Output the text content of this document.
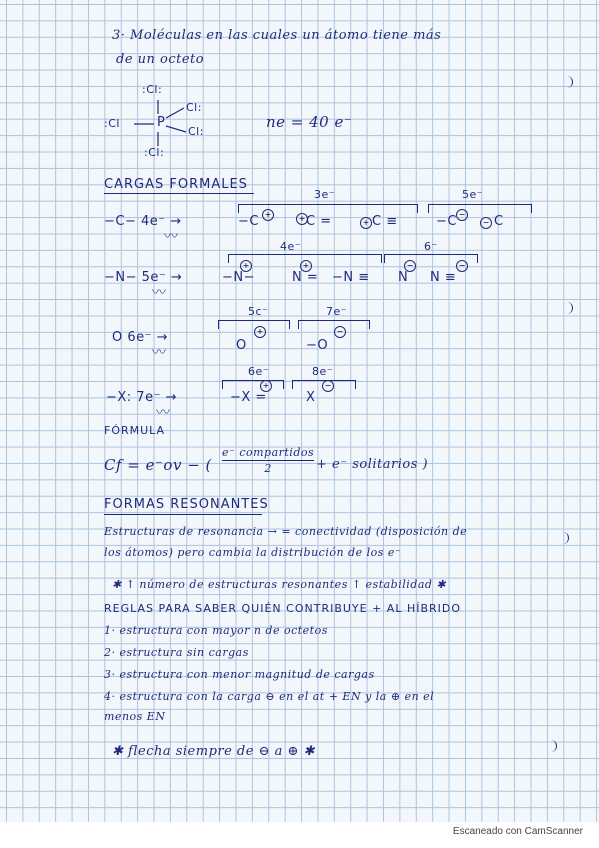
3· Moléculas en las cuales un átomo tiene más
de un octeto
:Cl:
:Cl	P
Cl:
Cl:
:Cl:
ne = 40 e⁻
CARGAS FORMALES
3e⁻	5e⁻
−C− 4e⁻ →
〰
−C +	C =
+	C ≡
+	−C − C
−
4e⁻	6⁻
−N− 5e⁻ →
〰
−N−
+
N =
+
−N ≡ N
−
N ≡
−
5c⁻	7e⁻
O 6e⁻ →
〰	O
+
−O
−
6e⁻	8e⁻
−X: 7e⁻ →
〰
−X =
+
X
−
FÓRMULA
Cf = e⁻ov − (
e⁻ compartidos
2	+ e⁻ solitarios )
FORMAS RESONANTES
Estructuras de resonancia → = conectividad (disposición de
los átomos) pero cambia la distribución de los e⁻
✱ ↑ número de estructuras resonantes ↑ estabilidad ✱
REGLAS PARA SABER QUIÉN CONTRIBUYE + AL HÍBRIDO
1· estructura con mayor n de octetos
2· estructura sin cargas
3· estructura con menor magnitud de cargas
4· estructura con la carga ⊖ en el at + EN y la ⊕ en el
menos EN
✱ flecha siempre de ⊖ a ⊕ ✱
Escaneado con CamScanner
